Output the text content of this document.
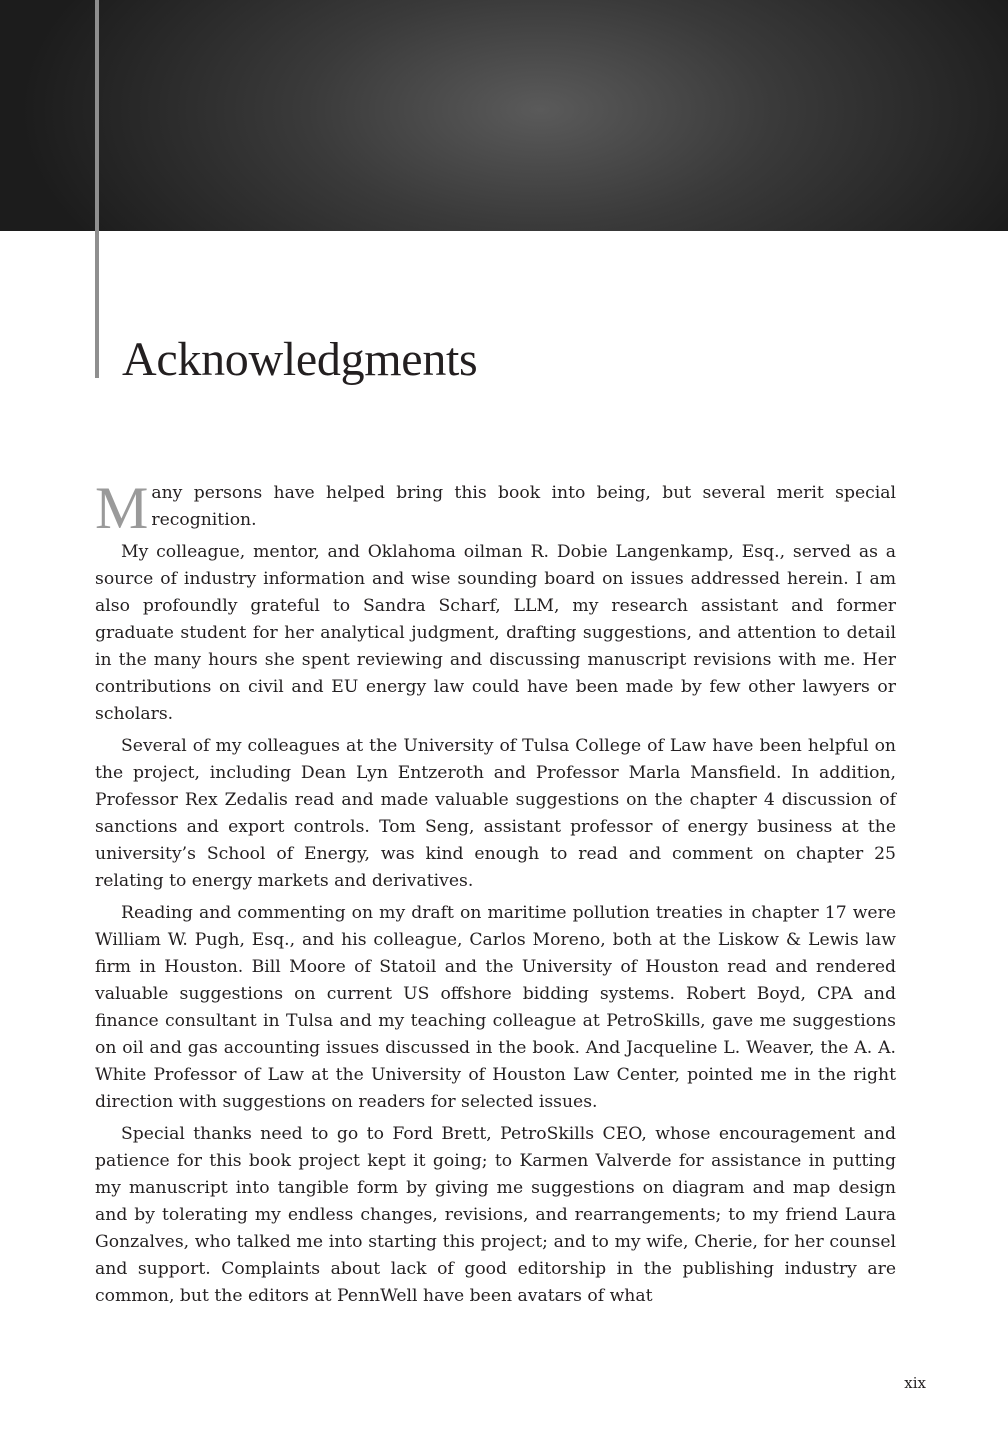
Acknowledgments

Many persons have helped bring this book into being, but several merit special recognition.

My colleague, mentor, and Oklahoma oilman R. Dobie Langenkamp, Esq., served as a source of industry information and wise sounding board on issues addressed herein. I am also profoundly grateful to Sandra Scharf, LLM, my research assistant and former graduate student for her analytical judgment, drafting suggestions, and attention to detail in the many hours she spent reviewing and discussing manuscript revisions with me. Her contributions on civil and EU energy law could have been made by few other lawyers or scholars.

Several of my colleagues at the University of Tulsa College of Law have been helpful on the project, including Dean Lyn Entzeroth and Professor Marla Mansfield. In addition, Professor Rex Zedalis read and made valuable suggestions on the chapter 4 discussion of sanctions and export controls. Tom Seng, assistant professor of energy business at the university’s School of Energy, was kind enough to read and comment on chapter 25 relating to energy markets and derivatives.

Reading and commenting on my draft on maritime pollution treaties in chapter 17 were William W. Pugh, Esq., and his colleague, Carlos Moreno, both at the Liskow & Lewis law firm in Houston. Bill Moore of Statoil and the University of Houston read and rendered valuable suggestions on current US offshore bidding systems. Robert Boyd, CPA and finance consultant in Tulsa and my teaching colleague at PetroSkills, gave me suggestions on oil and gas accounting issues discussed in the book. And Jacqueline L. Weaver, the A. A. White Professor of Law at the University of Houston Law Center, pointed me in the right direction with suggestions on readers for selected issues.

Special thanks need to go to Ford Brett, PetroSkills CEO, whose encouragement and patience for this book project kept it going; to Karmen Valverde for assistance in putting my manuscript into tangible form by giving me suggestions on diagram and map design and by tolerating my endless changes, revisions, and rearrangements; to my friend Laura Gonzalves, who talked me into starting this project; and to my wife, Cherie, for her counsel and support. Complaints about lack of good editorship in the publishing industry are common, but the editors at PennWell have been avatars of what

xix
